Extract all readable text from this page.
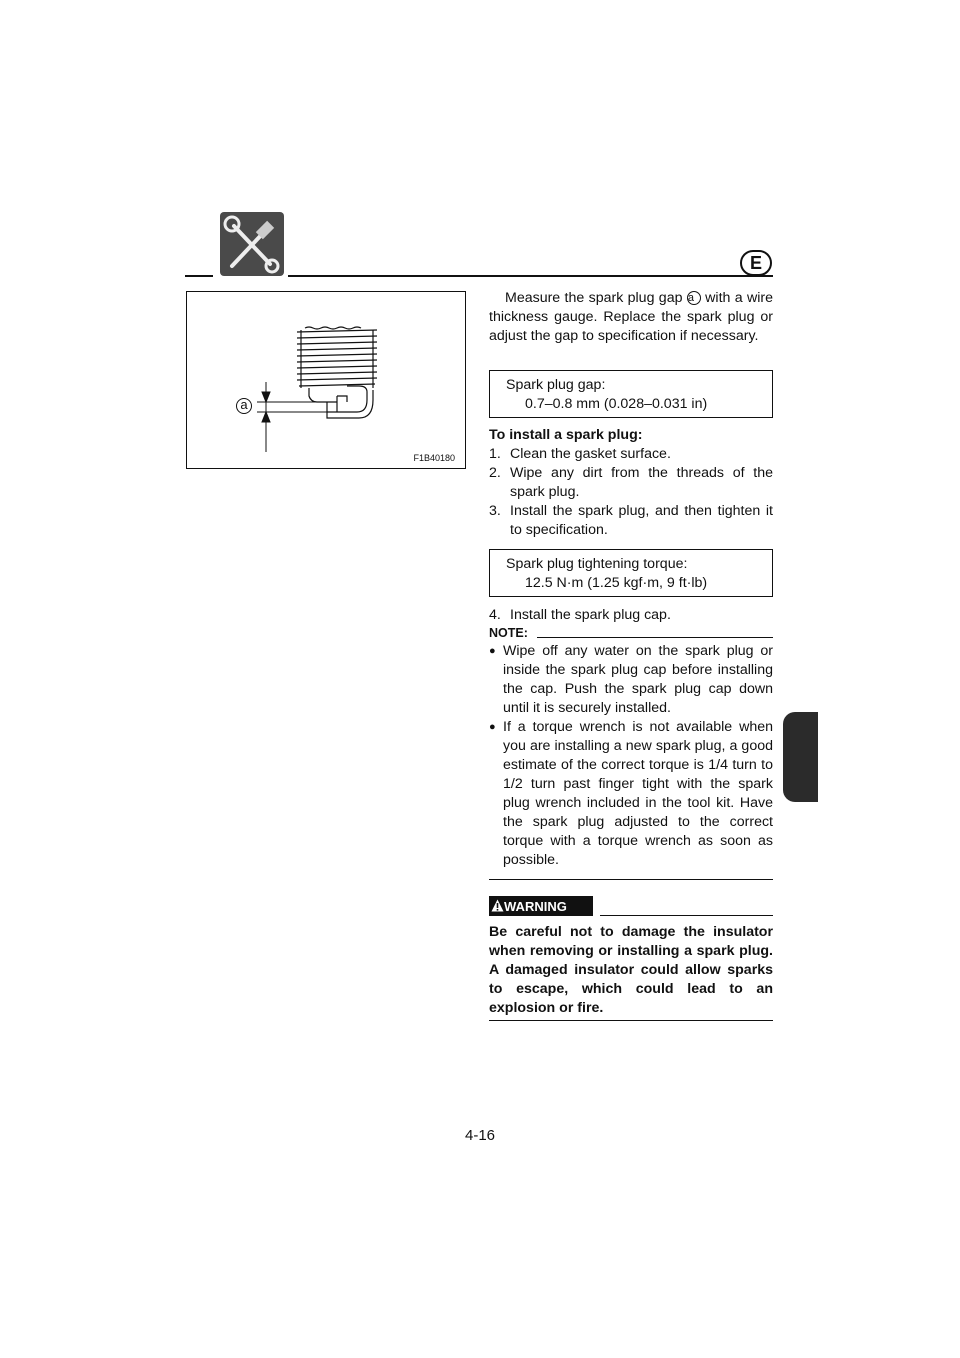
E
a
F1B40180
Measure the spark plug gap a with a wire thickness gauge. Replace the spark plug or adjust the gap to specification if necessary.
Spark plug gap:
0.7–0.8 mm (0.028–0.031 in)
To install a spark plug:
1. Clean the gasket surface.
2. Wipe any dirt from the threads of the spark plug.
3. Install the spark plug, and then tighten it to specification.
Spark plug tightening torque:
12.5 N·m (1.25 kgf·m, 9 ft·lb)
4. Install the spark plug cap.
NOTE:
● Wipe off any water on the spark plug or inside the spark plug cap before installing the cap. Push the spark plug cap down until it is securely installed.
● If a torque wrench is not available when you are installing a new spark plug, a good estimate of the correct torque is 1/4 turn to 1/2 turn past finger tight with the spark plug wrench included in the tool kit. Have the spark plug adjusted to the correct torque with a torque wrench as soon as possible.
WARNING
Be careful not to damage the insulator when removing or installing a spark plug. A damaged insulator could allow sparks to escape, which could lead to an explosion or fire.
4-16
